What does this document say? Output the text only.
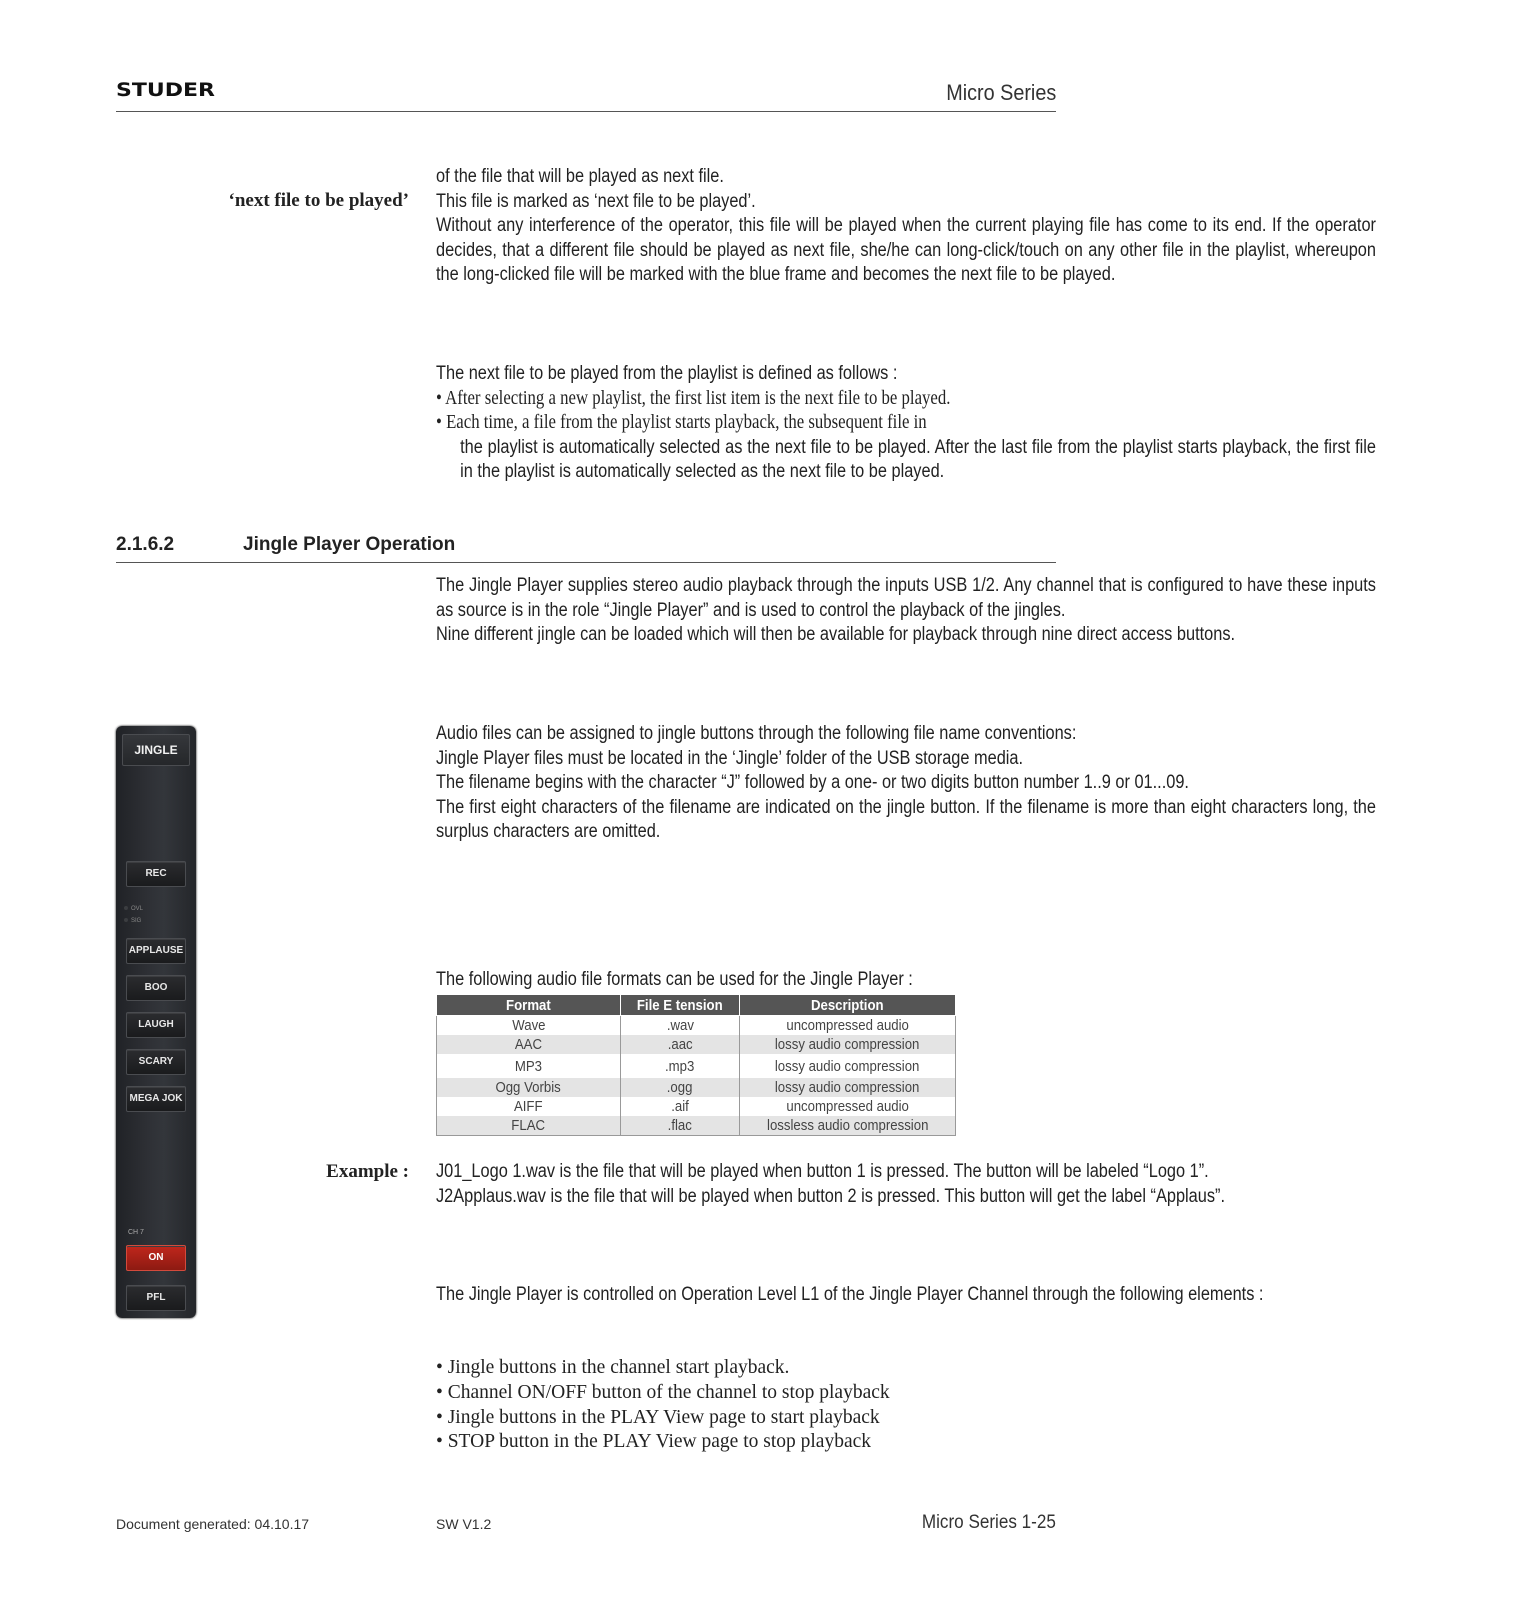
STUDER	Micro Series
‘next file to be played’

of the file that will be played as next file.

This file is marked as ‘next file to be played’.

Without any interference of the operator, this file will be played when the current playing file has come to its end. If the operator decides, that a different file should be played as next file, she/he can long-click/touch on any other file in the playlist, whereupon the long-clicked file will be marked with the blue frame and becomes the next file to be played.

The next file to be played from the playlist is defined as follows :

• After selecting a new playlist, the first list item is the next file to be played.

• Each time, a file from the playlist starts playback, the subsequent file in

the playlist is automatically selected as the next file to be played. After the last file from the playlist starts playback, the first file in the playlist is automatically selected as the next file to be played.

2.1.6.2	Jingle Player Operation

The Jingle Player supplies stereo audio playback through the inputs USB 1/2. Any channel that is configured to have these inputs as source is in the role “Jingle Player” and is used to control the playback of the jingles.

Nine different jingle can be loaded which will then be available for playback through nine direct access buttons.

Audio files can be assigned to jingle buttons through the following file name conventions:

Jingle Player files must be located in the ‘Jingle’ folder of the USB storage media.

The filename begins with the character “J” followed by a one- or two digits button number 1..9 or 01...09.

The first eight characters of the filename are indicated on the jingle button. If the filename is more than eight characters long, the surplus characters are omitted.

The following audio file formats can be used for the Jingle Player :
Format	File E tension	Description
Wave	.wav	uncompressed audio
AAC	.aac	lossy audio compression
MP3	.mp3	lossy audio compression
Ogg Vorbis	.ogg	lossy audio compression
AIFF	.aif	uncompressed audio
FLAC	.flac	lossless audio compression
Example : J01_Logo 1.wav is the file that will be played when button 1 is pressed. The button will be labeled “Logo 1”.

J2Applaus.wav is the file that will be played when button 2 is pressed. This button will get the label “Applaus”.

The Jingle Player is controlled on Operation Level L1 of the Jingle Player Channel through the following elements :
• Jingle buttons in the channel start playback.
• Channel ON/OFF button of the channel to stop playback
• Jingle buttons in the PLAY View page to start playback
• STOP button in the PLAY View page to stop playback
JINGLE
REC
OVL
SIG
APPLAUSE
BOO
LAUGH
SCARY
MEGA JOK
CH 7
ON
PFL
Document generated: 04.10.17	SW V1.2	Micro Series 1-25
